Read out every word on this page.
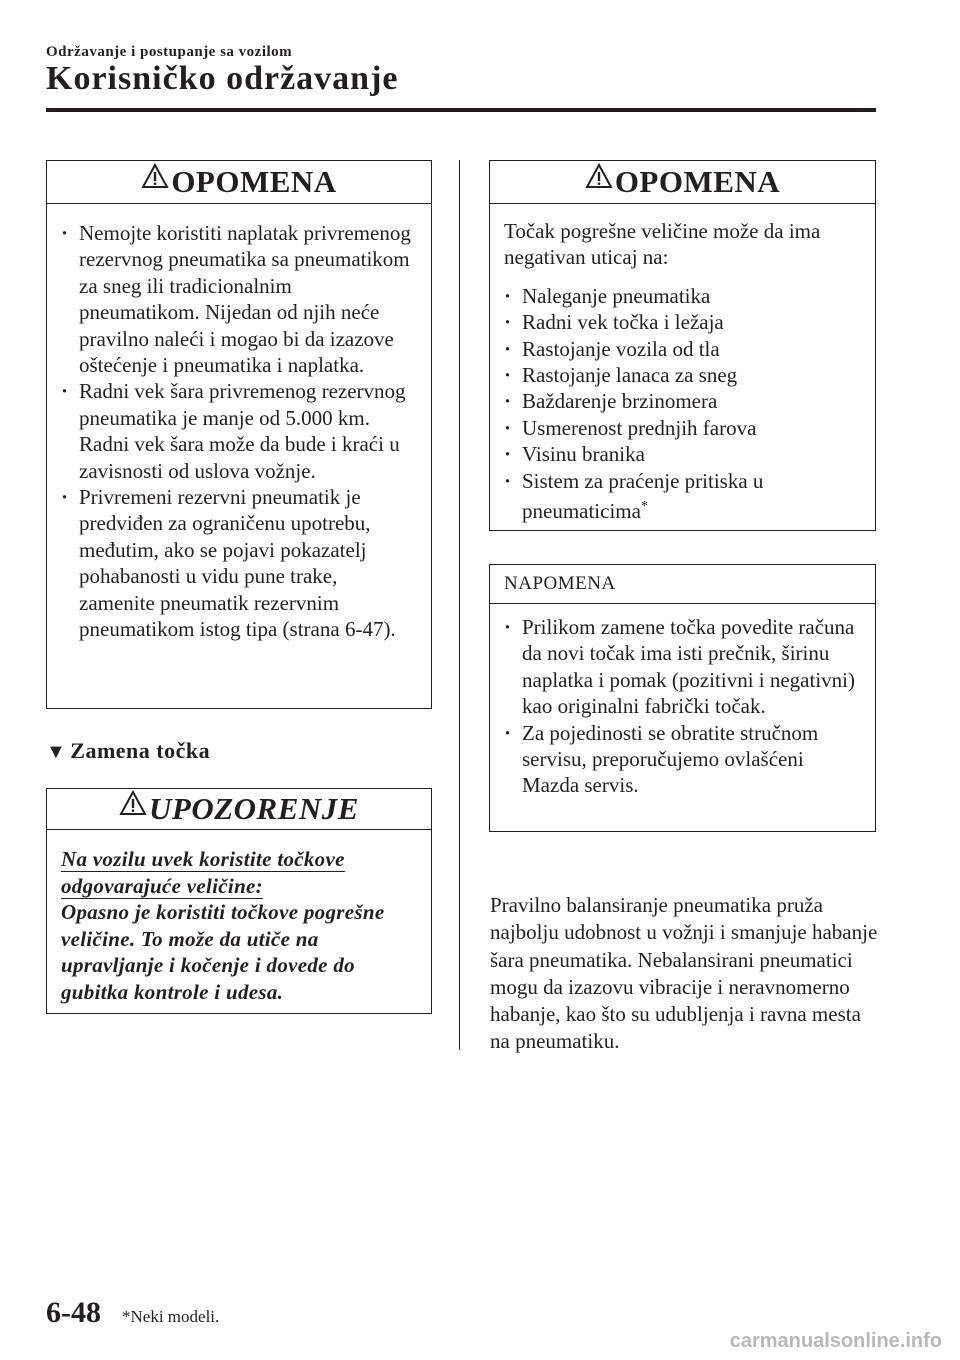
Održavanje i postupanje sa vozilom
Korisničko održavanje
OPOMENA
· Nemojte koristiti naplatak privremenog rezervnog pneumatika sa pneumatikom za sneg ili tradicionalnim pneumatikom. Nijedan od njih neće pravilno naleći i mogao bi da izazove oštećenje i pneumatika i naplatka.
· Radni vek šara privremenog rezervnog pneumatika je manje od 5.000 km. Radni vek šara može da bude i kraći u zavisnosti od uslova vožnje.
· Privremeni rezervni pneumatik je predviđen za ograničenu upotrebu, međutim, ako se pojavi pokazatelj pohabanosti u vidu pune trake, zamenite pneumatik rezervnim pneumatikom istog tipa (strana 6-47).
▼ Zamena točka
UPOZORENJE
Na vozilu uvek koristite točkove odgovarajuće veličine:
Opasno je koristiti točkove pogrešne veličine. To može da utiče na upravljanje i kočenje i dovede do gubitka kontrole i udesa.
OPOMENA
Točak pogrešne veličine može da ima negativan uticaj na:
· Naleganje pneumatika
· Radni vek točka i ležaja
· Rastojanje vozila od tla
· Rastojanje lanaca za sneg
· Baždarenje brzinomera
· Usmerenost prednjih farova
· Visinu branika
· Sistem za praćenje pritiska u pneumaticima*
NAPOMENA
· Prilikom zamene točka povedite računa da novi točak ima isti prečnik, širinu naplatka i pomak (pozitivni i negativni) kao originalni fabrički točak.
· Za pojedinosti se obratite stručnom servisu, preporučujemo ovlašćeni Mazda servis.
Pravilno balansiranje pneumatika pruža najbolju udobnost u vožnji i smanjuje habanje šara pneumatika. Nebalansirani pneumatici mogu da izazovu vibracije i neravnomerno habanje, kao što su udubljenja i ravna mesta na pneumatiku.
6-48 *Neki modeli.
carmanualsonline.info
